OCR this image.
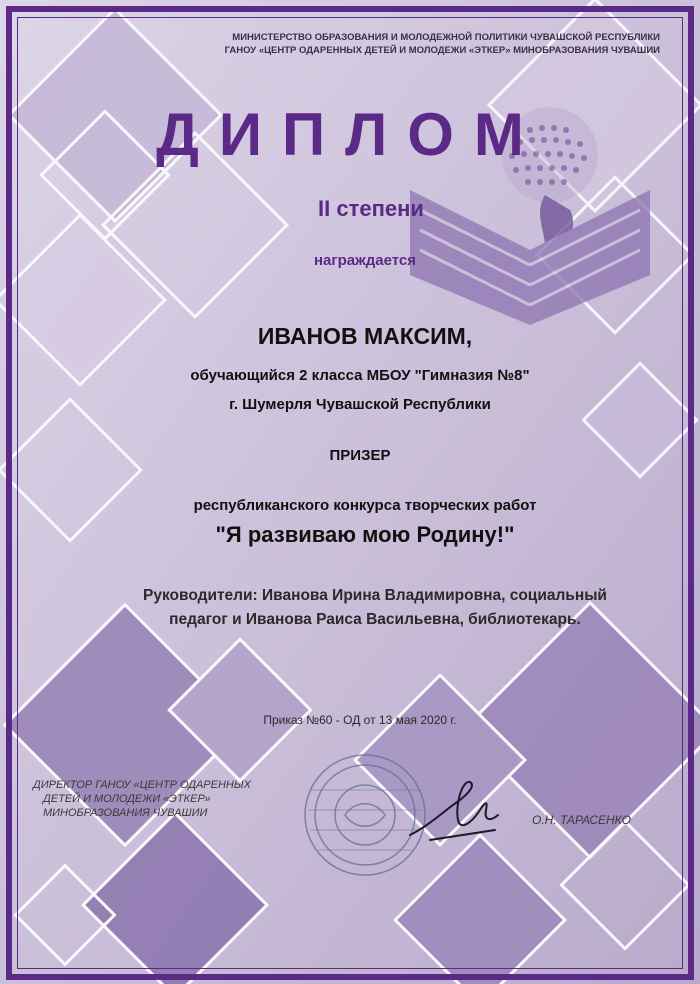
МИНИСТЕРСТВО ОБРАЗОВАНИЯ И МОЛОДЕЖНОЙ ПОЛИТИКИ ЧУВАШСКОЙ РЕСПУБЛИКИ
ГАНОУ «ЦЕНТР ОДАРЕННЫХ ДЕТЕЙ И МОЛОДЕЖИ «ЭТКЕР» МИНОБРАЗОВАНИЯ ЧУВАШИИ
ДИПЛОМ
II степени
награждается
ИВАНОВ МАКСИМ,
обучающийся 2 класса МБОУ "Гимназия №8"
г. Шумерля Чувашской Республики
ПРИЗЕР
республиканского конкурса творческих работ
"Я развиваю мою Родину!"
Руководители: Иванова Ирина Владимировна, социальный
педагог и Иванова Раиса Васильевна, библиотекарь.
Приказ №60 - ОД от 13 мая 2020 г.
ДИРЕКТОР ГАНОУ «ЦЕНТР ОДАРЕННЫХ
ДЕТЕЙ И МОЛОДЕЖИ «ЭТКЕР»
МИНОБРАЗОВАНИЯ ЧУВАШИИ	О.Н. ТАРАСЕНКО
